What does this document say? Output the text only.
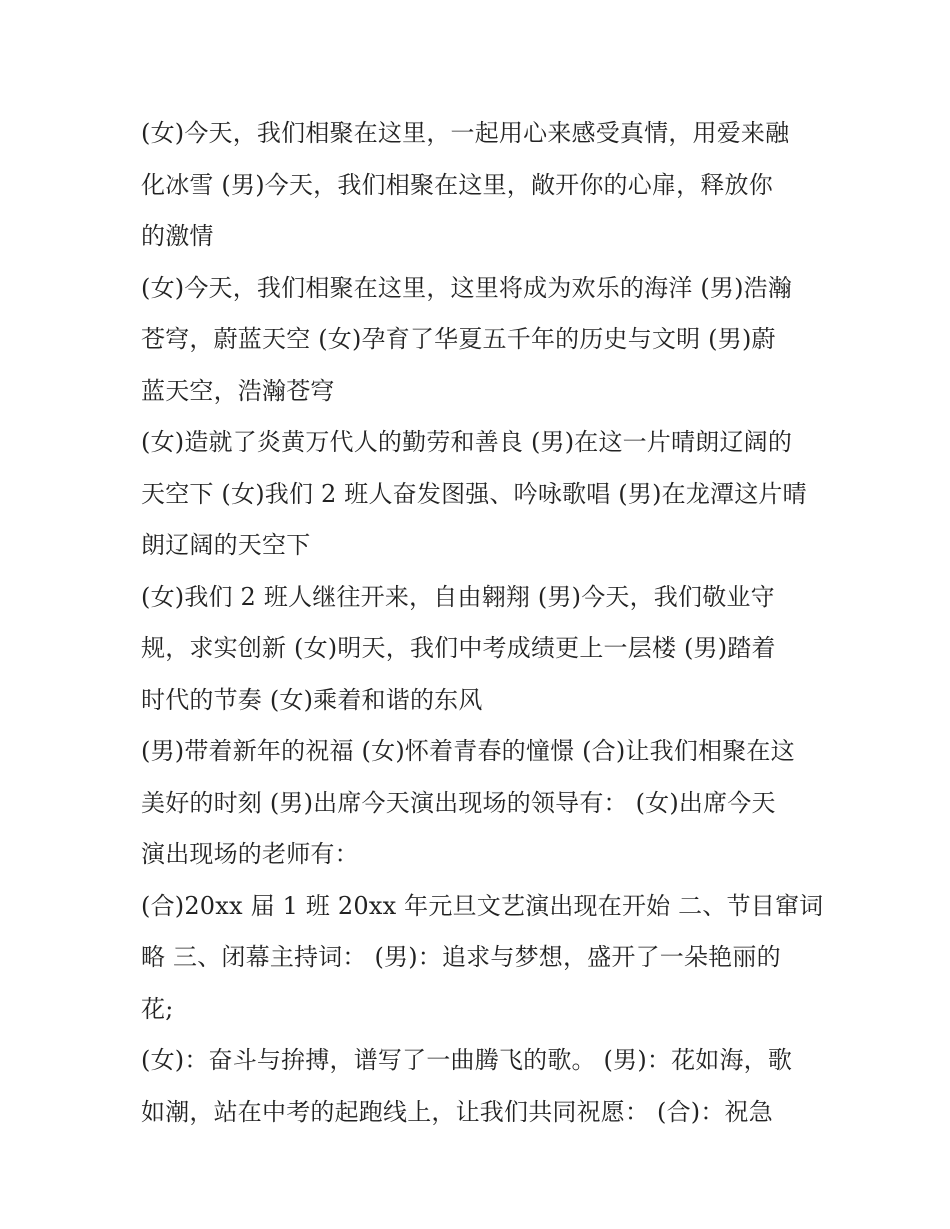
(女)今天，我们相聚在这里，一起用心来感受真情，用爱来融
化冰雪 (男)今天，我们相聚在这里，敞开你的心扉，释放你
的激情
(女)今天，我们相聚在这里，这里将成为欢乐的海洋 (男)浩瀚
苍穹，蔚蓝天空 (女)孕育了华夏五千年的历史与文明 (男)蔚
蓝天空，浩瀚苍穹
(女)造就了炎黄万代人的勤劳和善良 (男)在这一片晴朗辽阔的
天空下 (女)我们 2 班人奋发图强、吟咏歌唱 (男)在龙潭这片晴
朗辽阔的天空下
(女)我们 2 班人继往开来，自由翱翔 (男)今天，我们敬业守
规，求实创新 (女)明天，我们中考成绩更上一层楼 (男)踏着
时代的节奏 (女)乘着和谐的东风
(男)带着新年的祝福 (女)怀着青春的憧憬 (合)让我们相聚在这
美好的时刻 (男)出席今天演出现场的领导有： (女)出席今天
演出现场的老师有：
(合)20xx 届 1 班 20xx 年元旦文艺演出现在开始 二、节目窜词
略 三、闭幕主持词： (男)：追求与梦想，盛开了一朵艳丽的
花;
(女)：奋斗与拚搏，谱写了一曲腾飞的歌。 (男)：花如海，歌
如潮，站在中考的起跑线上，让我们共同祝愿： (合)：祝急
